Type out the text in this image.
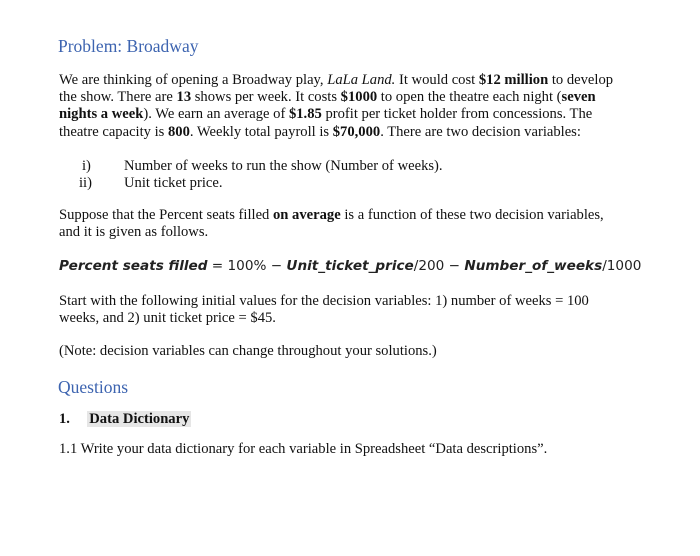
Problem: Broadway
We are thinking of opening a Broadway play, LaLa Land. It would cost $12 million to develop
the show. There are 13 shows per week. It costs $1000 to open the theatre each night (seven
nights a week). We earn an average of $1.85 profit per ticket holder from concessions. The
theatre capacity is 800. Weekly total payroll is $70,000. There are two decision variables:
i) Number of weeks to run the show (Number of weeks).
ii) Unit ticket price.
Suppose that the Percent seats filled on average is a function of these two decision variables,
and it is given as follows.
Percent seats filled = 100% − Unit_ticket_price/200 − Number_of_weeks/1000
Start with the following initial values for the decision variables: 1) number of weeks = 100
weeks, and 2) unit ticket price = $45.
(Note: decision variables can change throughout your solutions.)
Questions
1. Data Dictionary
1.1 Write your data dictionary for each variable in Spreadsheet “Data descriptions”.
